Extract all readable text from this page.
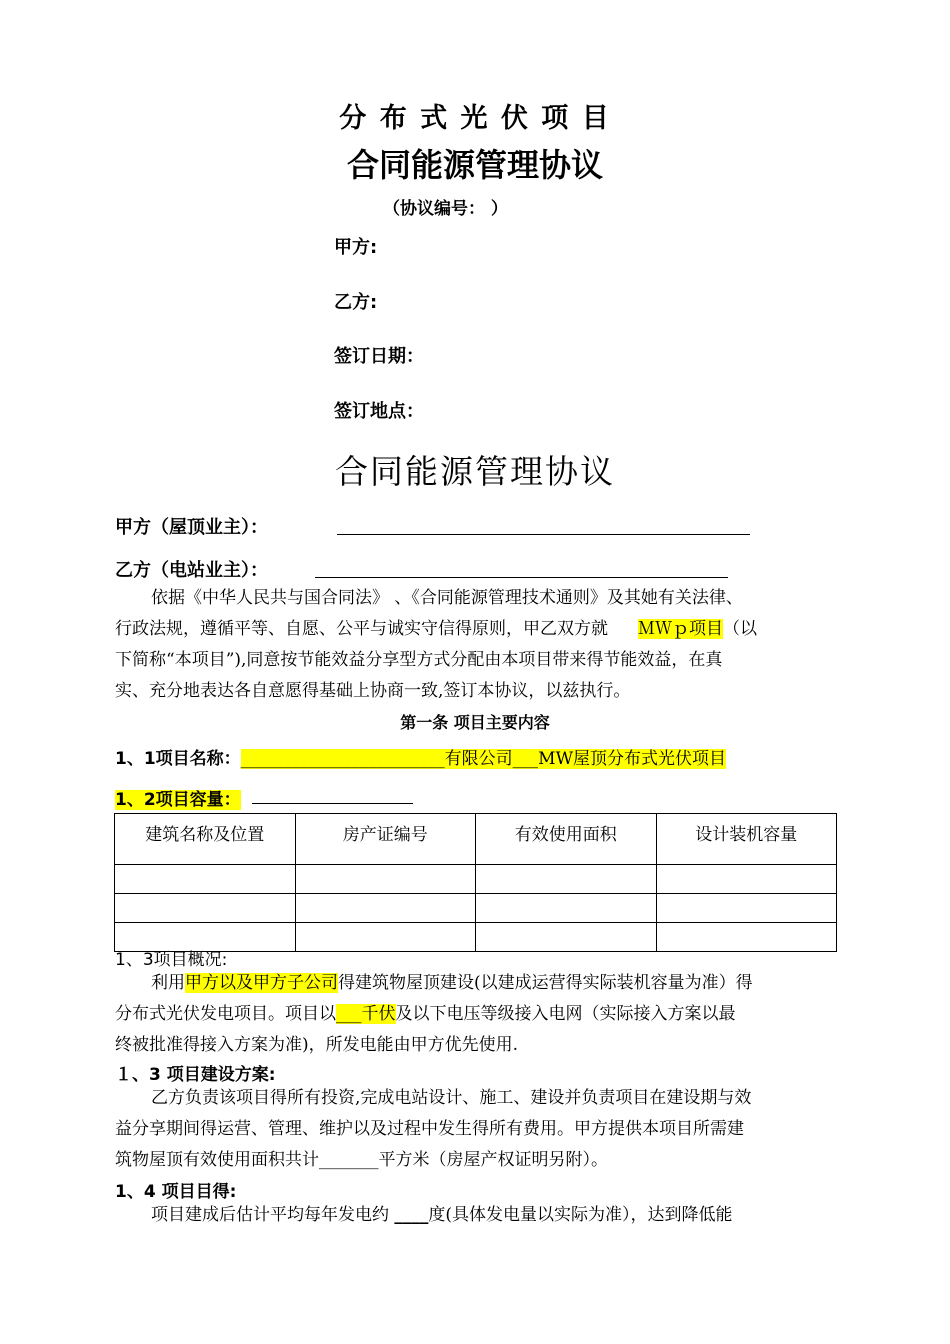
分 布 式 光 伏 项 目
合同能源管理协议
（协议编号： ）
甲方:
乙方:
签订日期：
签订地点：
合同能源管理协议
甲方（屋顶业主）：
乙方（电站业主）：
依据《中华人民共与国合同法》 、《合同能源管理技术通则》及其她有关法律、
行政法规，遵循平等、自愿、公平与诚实守信得原则，甲乙双方就 ＭＷｐ项目（以
下简称“本项目”),同意按节能效益分享型方式分配由本项目带来得节能效益，在真
实、充分地表达各自意愿得基础上协商一致,签订本协议，以兹执行。
第一条 项目主要内容
1、1项目名称：________________________有限公司___MW屋顶分布式光伏项目
1、2项目容量：
建筑名称及位置	房产证编号	有效使用面积	设计装机容量

1、3项目概况:
利用甲方以及甲方子公司得建筑物屋顶建设(以建成运营得实际装机容量为准）得
分布式光伏发电项目。项目以___千伏及以下电压等级接入电网（实际接入方案以最
终被批准得接入方案为准)，所发电能由甲方优先使用.
１、3 项目建设方案:
乙方负责该项目得所有投资,完成电站设计、施工、建设并负责项目在建设期与效
益分享期间得运营、管理、维护以及过程中发生得所有费用。甲方提供本项目所需建
筑物屋顶有效使用面积共计_______平方米（房屋产权证明另附）。
1、4 项目目得:
项目建成后估计平均每年发电约 ____度(具体发电量以实际为准），达到降低能
